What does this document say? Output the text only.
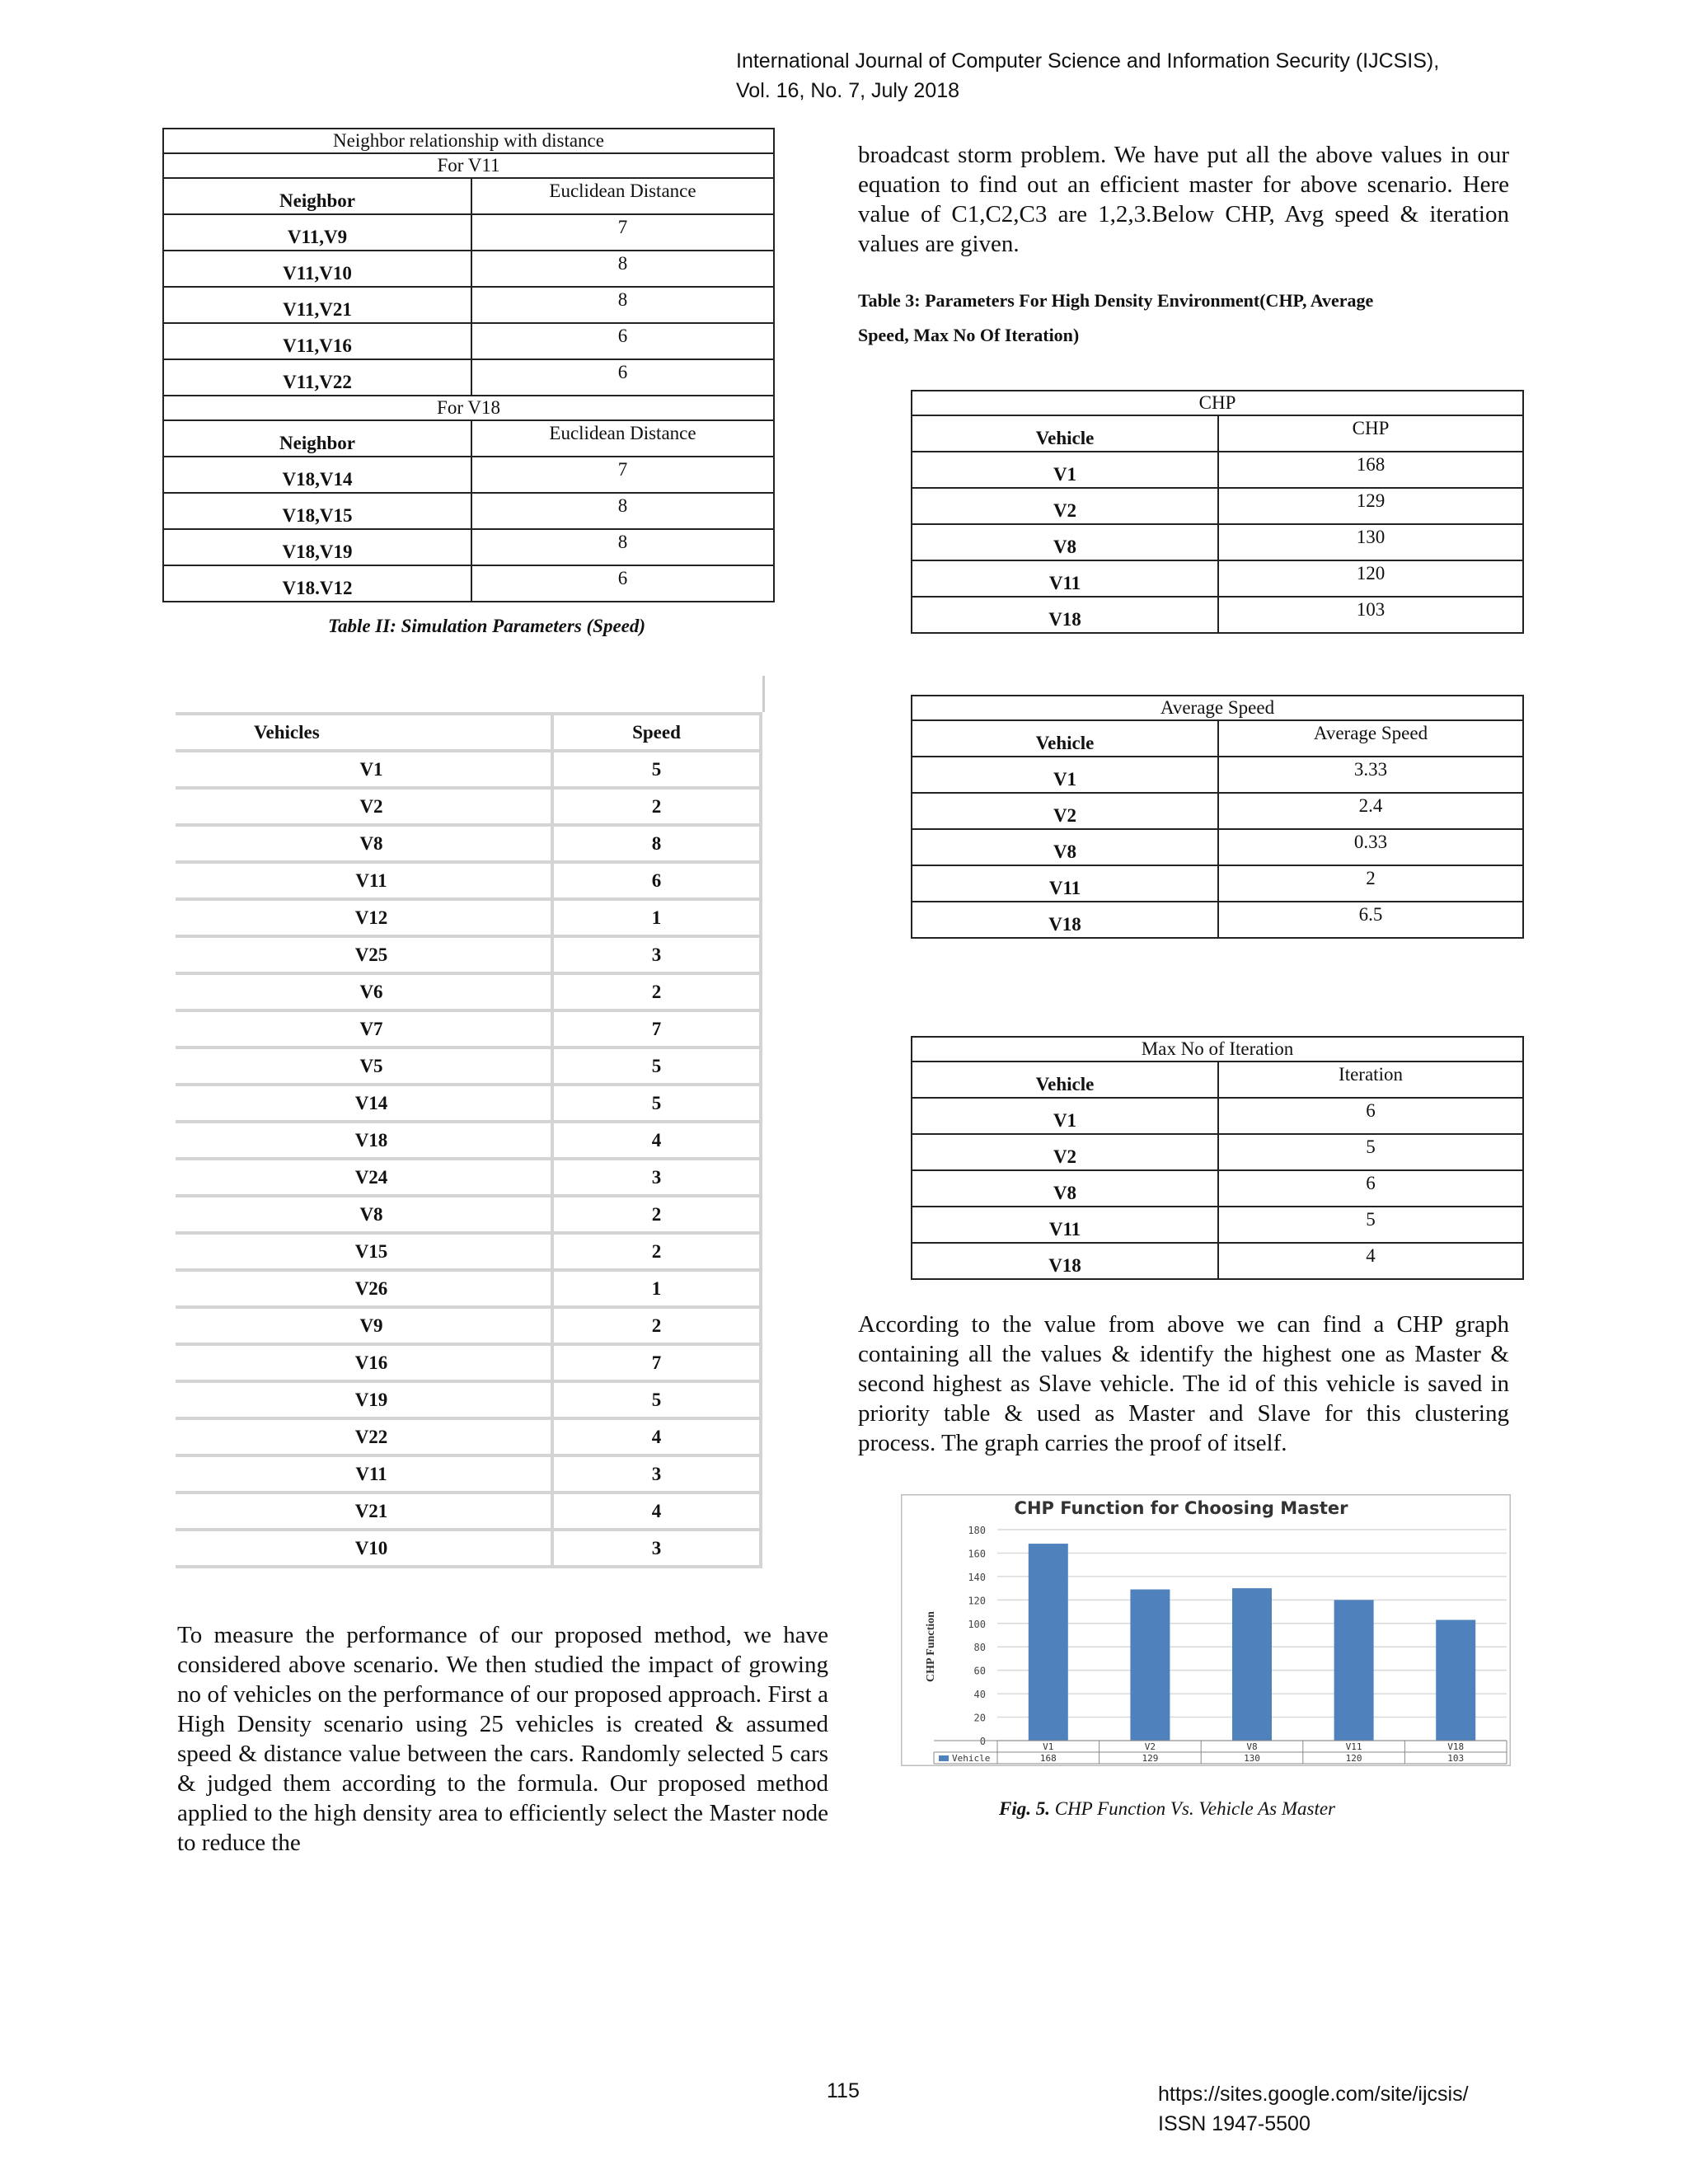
International Journal of Computer Science and Information Security (IJCSIS),
Vol. 16, No. 7, July 2018
Neighbor relationship with distance	
For V11	
Neighbor	Euclidean Distance
V11,V9	7
V11,V10	8
V11,V21	8
V11,V16	6
V11,V22	6
For V18	
Neighbor	Euclidean Distance
V18,V14	7
V18,V15	8
V18,V19	8
V18.V12	6
Table II: Simulation Parameters (Speed)
Vehicles	Speed
V1	5
V2	2
V8	8
V11	6
V12	1
V25	3
V6	2
V7	7
V5	5
V14	5
V18	4
V24	3
V8	2
V15	2
V26	1
V9	2
V16	7
V19	5
V22	4
V11	3
V21	4
V10	3

To measure the performance of our proposed method, we have considered above scenario. We then studied the impact of growing no of vehicles on the performance of our proposed approach. First a High Density scenario using 25 vehicles is created & assumed speed & distance value between the cars. Randomly selected 5 cars & judged them according to the formula. Our proposed method applied to the high density area to efficiently select the Master node to reduce the

broadcast storm problem. We have put all the above values in our equation to find out an efficient master for above scenario. Here value of C1,C2,C3 are 1,2,3.Below CHP, Avg speed & iteration values are given.

Table 3: Parameters For High Density Environment(CHP, Average
Speed, Max No Of Iteration)
CHP	
Vehicle	CHP
V1	168
V2	129
V8	130
V11	120
V18	103
Average Speed	
Vehicle	Average Speed
V1	3.33
V2	2.4
V8	0.33
V11	2
V18	6.5
Max No of Iteration	
Vehicle	Iteration
V1	6
V2	5
V8	6
V11	5
V18	4

According to the value from above we can find a CHP graph containing all the values & identify the highest one as Master & second highest as Slave vehicle. The id of this vehicle is saved in priority table & used as Master and Slave for this clustering process. The graph carries the proof of itself.

CHP Function for Choosing Master
CHP Function
0
20
40
60
80
100
120
140
160
180
V1
168
V2
129
V8
130
V11
120
V18
103
Vehicle
Fig. 5. CHP Function Vs. Vehicle As Master
115	https://sites.google.com/site/ijcsis/
ISSN 1947-5500
